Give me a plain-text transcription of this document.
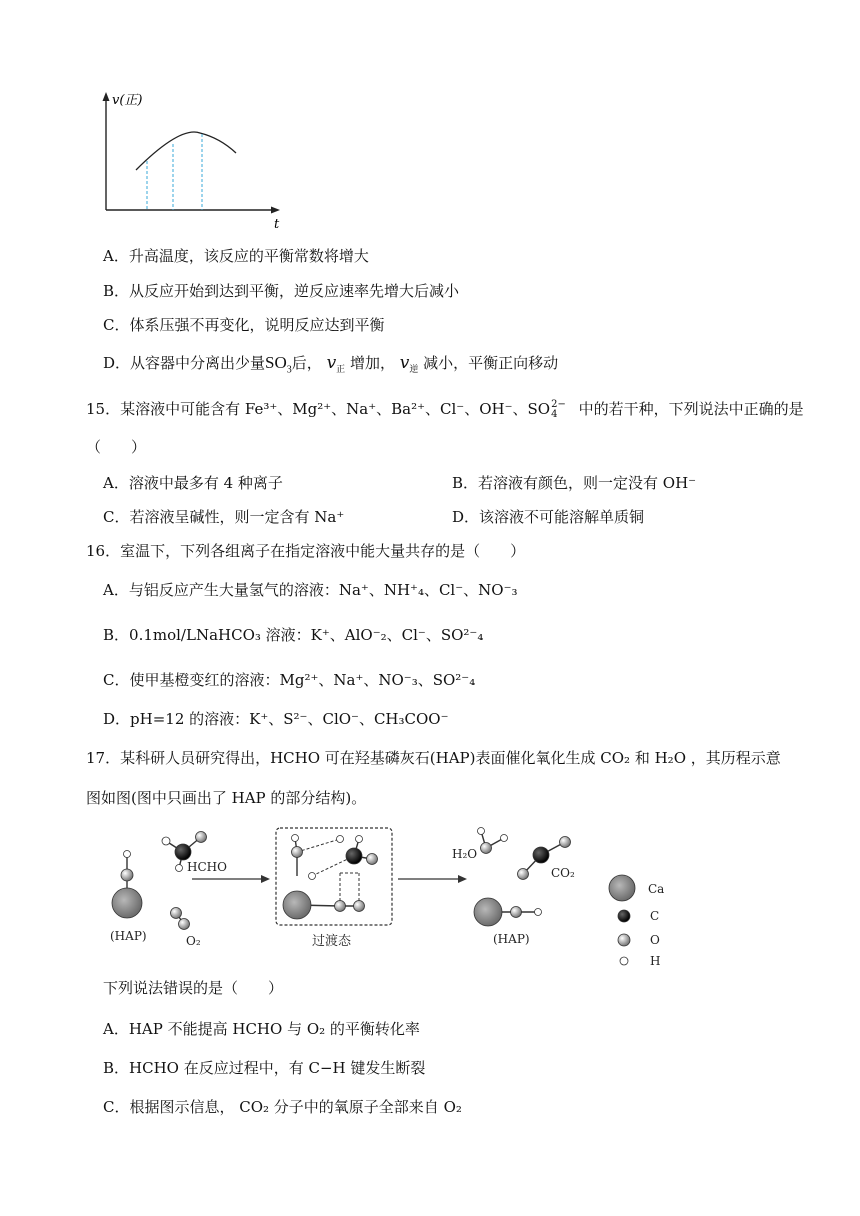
v(正)
t
A．升高温度，该反应的平衡常数将增大
B．从反应开始到达到平衡，逆反应速率先增大后减小
C．体系压强不再变化，说明反应达到平衡
D．从容器中分离出少量$SO_3$后， $v_正$ 增加， $v_逆$ 减小，平衡正向移动
15．某溶液中可能含有 Fe³⁺、Mg²⁺、Na⁺、Ba²⁺、Cl⁻、OH⁻、SO 2−
4	中的若干种，下列说法中正确的是
（　　）
A．溶液中最多有 4 种离子	B．若溶液有颜色，则一定没有 OH⁻
C．若溶液呈碱性，则一定含有 Na⁺	D．该溶液不可能溶解单质铜
16．室温下，下列各组离子在指定溶液中能大量共存的是（　　）
A．与铝反应产生大量氢气的溶液：Na⁺、NH⁺₄、Cl⁻、NO⁻₃
B．0.1mol/LNaHCO₃ 溶液：K⁺、AlO⁻₂、Cl⁻、SO²⁻₄
C．使甲基橙变红的溶液：Mg²⁺、Na⁺、NO⁻₃、SO²⁻₄
D．pH=12 的溶液：K⁺、S²⁻、ClO⁻、CH₃COO⁻
17．某科研人员研究得出，HCHO 可在羟基磷灰石(HAP)表面催化氧化生成 CO₂ 和 H₂O ，其历程示意
图如图(图中只画出了 HAP 的部分结构)。
HCHO
(HAP)	O₂	过渡态
H₂O
CO₂
(HAP)
Ca
C
O
H
下列说法错误的是（　　）
A．HAP 不能提高 HCHO 与 O₂ 的平衡转化率
B．HCHO 在反应过程中，有 C−H 键发生断裂
C．根据图示信息， CO₂ 分子中的氧原子全部来自 O₂
